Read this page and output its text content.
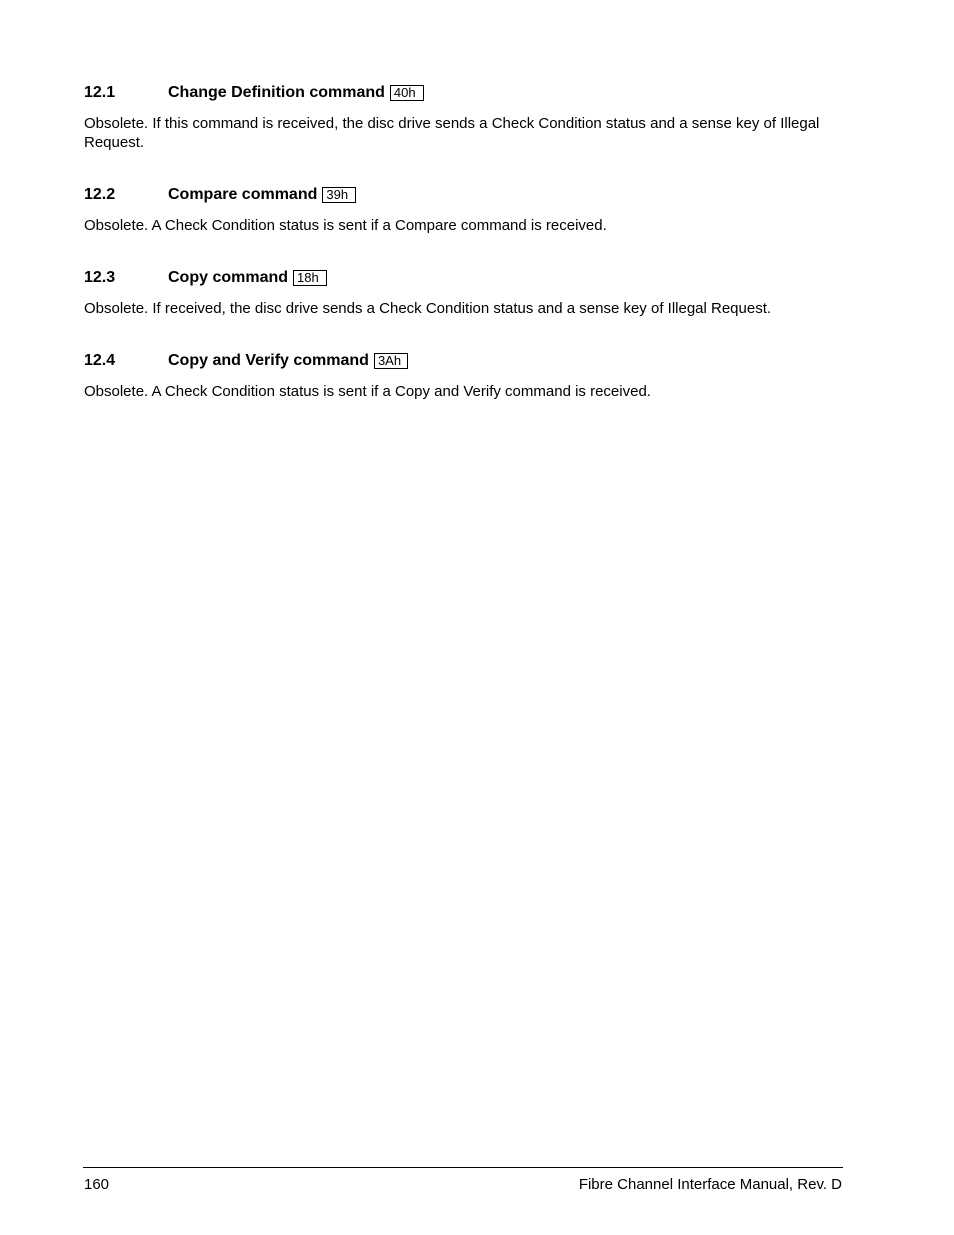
12.1	Change Definition command 40h
Obsolete. If this command is received, the disc drive sends a Check Condition status and a sense key of Illegal Request.
12.2	Compare command 39h
Obsolete. A Check Condition status is sent if a Compare command is received.
12.3	Copy command 18h
Obsolete. If received, the disc drive sends a Check Condition status and a sense key of Illegal Request.
12.4	Copy and Verify command 3Ah
Obsolete. A Check Condition status is sent if a Copy and Verify command is received.
160	Fibre Channel Interface Manual, Rev. D
